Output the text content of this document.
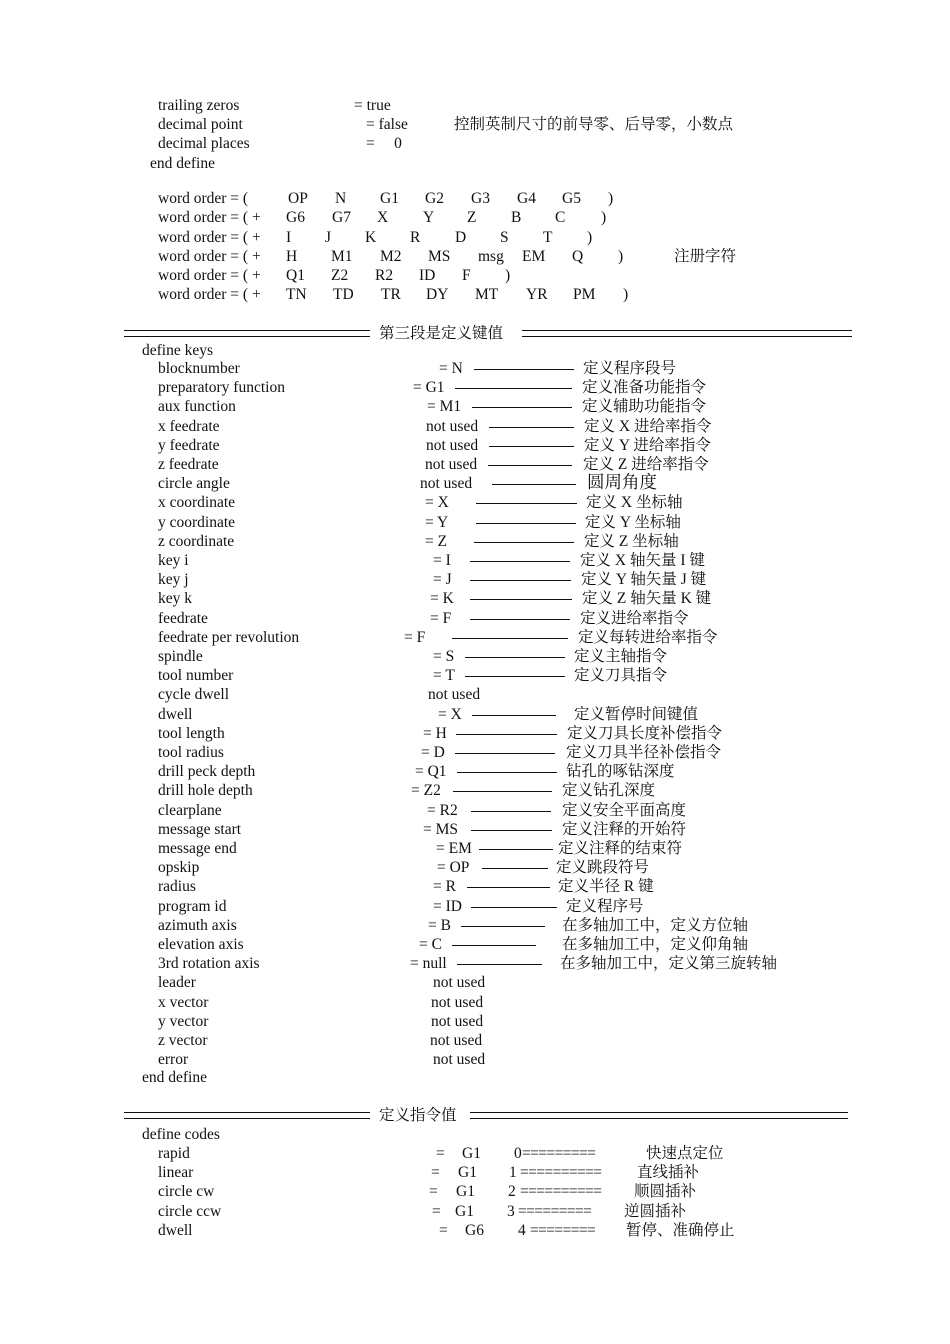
trailing zeros	= true
decimal point	= false	控制英制尺寸的前导零、后导零，小数点
decimal places	=     0
end define
word order = (	OP N G1 G2 G3 G4 G5 )
word order = ( + G6 G7 X Y Z B C )
word order = ( + I J K R D S T )
word order = ( + H M1 M2 MS msg EM Q )	注册字符
word order = ( + Q1 Z2 R2 ID F )
word order = ( + TN TD TR DY MT YR PM )
第三段是定义键值
define keys
blocknumber	= N	定义程序段号
preparatory function	= G1	定义准备功能指令
aux function	= M1	定义辅助功能指令
x feedrate	not used	定义 X 进给率指令
y feedrate	not used	定义 Y 进给率指令
z feedrate	not used	定义 Z 进给率指令
circle angle	not used	圆周角度
x coordinate	= X	定义 X 坐标轴
y coordinate	= Y	定义 Y 坐标轴
z coordinate	= Z	定义 Z 坐标轴
key i	= I	定义 X 轴矢量 I 键
key j	= J	定义 Y 轴矢量 J 键
key k	= K	定义 Z 轴矢量 K 键
feedrate	= F	定义进给率指令
feedrate per revolution	= F	定义每转进给率指令
spindle	= S	定义主轴指令
tool number	= T	定义刀具指令
cycle dwell	not used
dwell	= X	定义暂停时间键值
tool length	= H	定义刀具长度补偿指令
tool radius	= D	定义刀具半径补偿指令
drill peck depth	= Q1	钻孔的啄钻深度
drill hole depth	= Z2	定义钻孔深度
clearplane	= R2	定义安全平面高度
message start	= MS	定义注释的开始符
message end	= EM	定义注释的结束符
opskip	= OP	定义跳段符号
radius	= R	定义半径 R 键
program id	= ID	定义程序号
azimuth axis	= B	在多轴加工中，定义方位轴
elevation axis	= C	在多轴加工中，定义仰角轴
3rd rotation axis	= null	在多轴加工中，定义第三旋转轴
leader	not used
x vector	not used
y vector	not used
z vector	not used
error	not used
end define
定义指令值
define codes
rapid	= G1 0 =========	快速点定位
linear	= G1 1 ========== 直线插补
circle cw	= G1 2 ========== 顺圆插补
circle ccw	= G1 3 ========= 逆圆插补
dwell	= G6 4 ======== 暂停、准确停止
